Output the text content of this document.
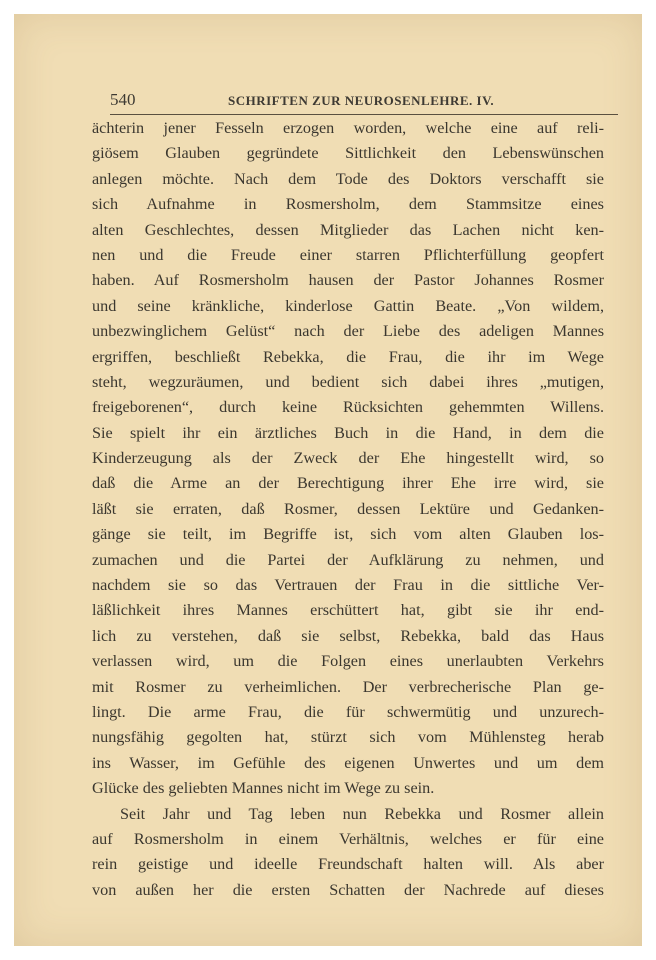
540	SCHRIFTEN ZUR NEUROSENLEHRE. IV.
ächterin jener Fesseln erzogen worden, welche eine auf reli-
giösem Glauben gegründete Sittlichkeit den Lebenswünschen
anlegen möchte. Nach dem Tode des Doktors verschafft sie
sich Aufnahme in Rosmersholm, dem Stammsitze eines
alten Geschlechtes, dessen Mitglieder das Lachen nicht ken-
nen und die Freude einer starren Pflichterfüllung geopfert
haben. Auf Rosmersholm hausen der Pastor Johannes Rosmer
und seine kränkliche, kinderlose Gattin Beate. „Von wildem,
unbezwinglichem Gelüst“ nach der Liebe des adeligen Mannes
ergriffen, beschließt Rebekka, die Frau, die ihr im Wege
steht, wegzuräumen, und bedient sich dabei ihres „mutigen,
freigeborenen“, durch keine Rücksichten gehemmten Willens.
Sie spielt ihr ein ärztliches Buch in die Hand, in dem die
Kinderzeugung als der Zweck der Ehe hingestellt wird, so
daß die Arme an der Berechtigung ihrer Ehe irre wird, sie
läßt sie erraten, daß Rosmer, dessen Lektüre und Gedanken-
gänge sie teilt, im Begriffe ist, sich vom alten Glauben los-
zumachen und die Partei der Aufklärung zu nehmen, und
nachdem sie so das Vertrauen der Frau in die sittliche Ver-
läßlichkeit ihres Mannes erschüttert hat, gibt sie ihr end-
lich zu verstehen, daß sie selbst, Rebekka, bald das Haus
verlassen wird, um die Folgen eines unerlaubten Verkehrs
mit Rosmer zu verheimlichen. Der verbrecherische Plan ge-
lingt. Die arme Frau, die für schwermütig und unzurech-
nungsfähig gegolten hat, stürzt sich vom Mühlensteg herab
ins Wasser, im Gefühle des eigenen Unwertes und um dem
Glücke des geliebten Mannes nicht im Wege zu sein.
Seit Jahr und Tag leben nun Rebekka und Rosmer allein
auf Rosmersholm in einem Verhältnis, welches er für eine
rein geistige und ideelle Freundschaft halten will. Als aber
von außen her die ersten Schatten der Nachrede auf dieses
